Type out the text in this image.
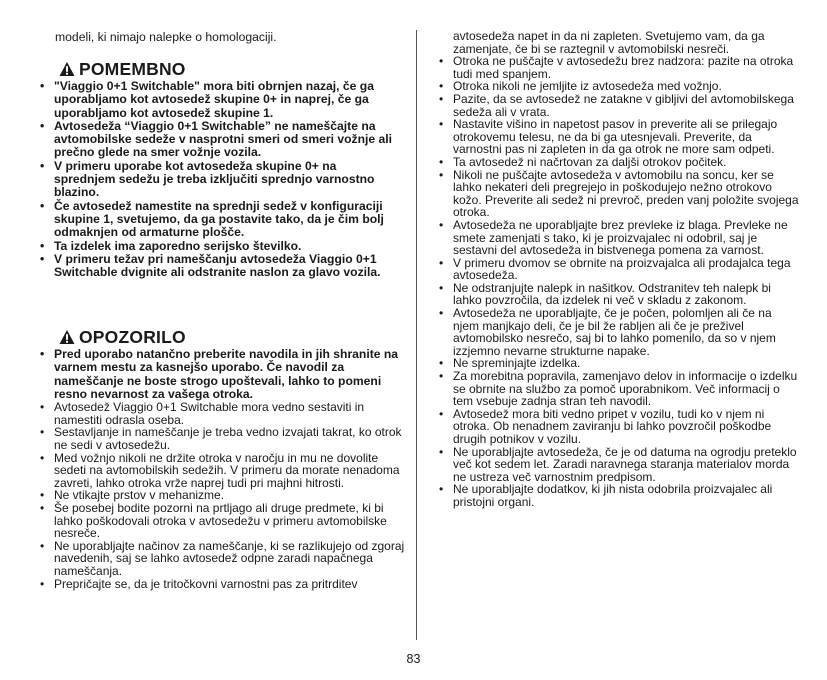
modeli, ki nimajo nalepke o homologaciji.

POMEMBNO
• "Viaggio 0+1 Switchable" mora biti obrnjen nazaj, če ga uporabljamo kot avtosedež skupine 0+ in naprej, če ga uporabljamo kot avtosedež skupine 1.
• Avtosedeža “Viaggio 0+1 Switchable” ne nameščajte na avtomobilske sedeže v nasprotni smeri od smeri vožnje ali prečno glede na smer vožnje vozila.
• V primeru uporabe kot avtosedeža skupine 0+ na sprednjem sedežu je treba izključiti sprednjo varnostno blazino.
• Če avtosedež namestite na sprednji sedež v konfiguraciji skupine 1, svetujemo, da ga postavite tako, da je čim bolj odmaknjen od armaturne plošče.
• Ta izdelek ima zaporedno serijsko številko.
• V primeru težav pri nameščanju avtosedeža Viaggio 0+1 Switchable dvignite ali odstranite naslon za glavo vozila.
OPOZORILO
• Pred uporabo natančno preberite navodila in jih shranite na varnem mestu za kasnejšo uporabo. Če navodil za nameščanje ne boste strogo upoštevali, lahko to pomeni resno nevarnost za vašega otroka.
• Avtosedež Viaggio 0+1 Switchable mora vedno sestaviti in namestiti odrasla oseba.
• Sestavljanje in nameščanje je treba vedno izvajati takrat, ko otrok ne sedi v avtosedežu.
• Med vožnjo nikoli ne držite otroka v naročju in mu ne dovolite sedeti na avtomobilskih sedežih. V primeru da morate nenadoma zavreti, lahko otroka vrže naprej tudi pri majhni hitrosti.
• Ne vtikajte prstov v mehanizme.
• Še posebej bodite pozorni na prtljago ali druge predmete, ki bi lahko poškodovali otroka v avtosedežu v primeru avtomobilske nesreče.
• Ne uporabljajte načinov za nameščanje, ki se razlikujejo od zgoraj navedenih, saj se lahko avtosedež odpne zaradi napačnega nameščanja.
• Prepričajte se, da je tritočkovni varnostni pas za pritrditev
avtosedeža napet in da ni zapleten. Svetujemo vam, da ga zamenjate, če bi se raztegnil v avtomobilski nesreči.
• Otroka ne puščajte v avtosedežu brez nadzora: pazite na otroka tudi med spanjem.
• Otroka nikoli ne jemljite iz avtosedeža med vožnjo.
• Pazite, da se avtosedež ne zatakne v gibljivi del avtomobilskega sedeža ali v vrata.
• Nastavite višino in napetost pasov in preverite ali se prilegajo otrokovemu telesu, ne da bi ga utesnjevali. Preverite, da varnostni pas ni zapleten in da ga otrok ne more sam odpeti.
• Ta avtosedež ni načrtovan za daljši otrokov počitek.
• Nikoli ne puščajte avtosedeža v avtomobilu na soncu, ker se lahko nekateri deli pregrejejo in poškodujejo nežno otrokovo kožo. Preverite ali sedež ni prevroč, preden vanj položite svojega otroka.
• Avtosedeža ne uporabljajte brez prevleke iz blaga. Prevleke ne smete zamenjati s tako, ki je proizvajalec ni odobril, saj je sestavni del avtosedeža in bistvenega pomena za varnost.
• V primeru dvomov se obrnite na proizvajalca ali prodajalca tega avtosedeža.
• Ne odstranjujte nalepk in našitkov. Odstranitev teh nalepk bi lahko povzročila, da izdelek ni več v skladu z zakonom.
• Avtosedeža ne uporabljajte, če je počen, polomljen ali če na njem manjkajo deli, če je bil že rabljen ali če je preživel avtomobilsko nesrečo, saj bi to lahko pomenilo, da so v njem izzjemno nevarne strukturne napake.
• Ne spreminjajte izdelka.
• Za morebitna popravila, zamenjavo delov in informacije o izdelku se obrnite na službo za pomoč uporabnikom. Več informacij o tem vsebuje zadnja stran teh navodil.
• Avtosedež mora biti vedno pripet v vozilu, tudi ko v njem ni otroka. Ob nenadnem zaviranju bi lahko povzročil poškodbe drugih potnikov v vozilu.
• Ne uporabljajte avtosedeža, če je od datuma na ogrodju preteklo več kot sedem let. Zaradi naravnega staranja materialov morda ne ustreza več varnostnim predpisom.
• Ne uporabljajte dodatkov, ki jih nista odobrila proizvajalec ali pristojni organi.

83
